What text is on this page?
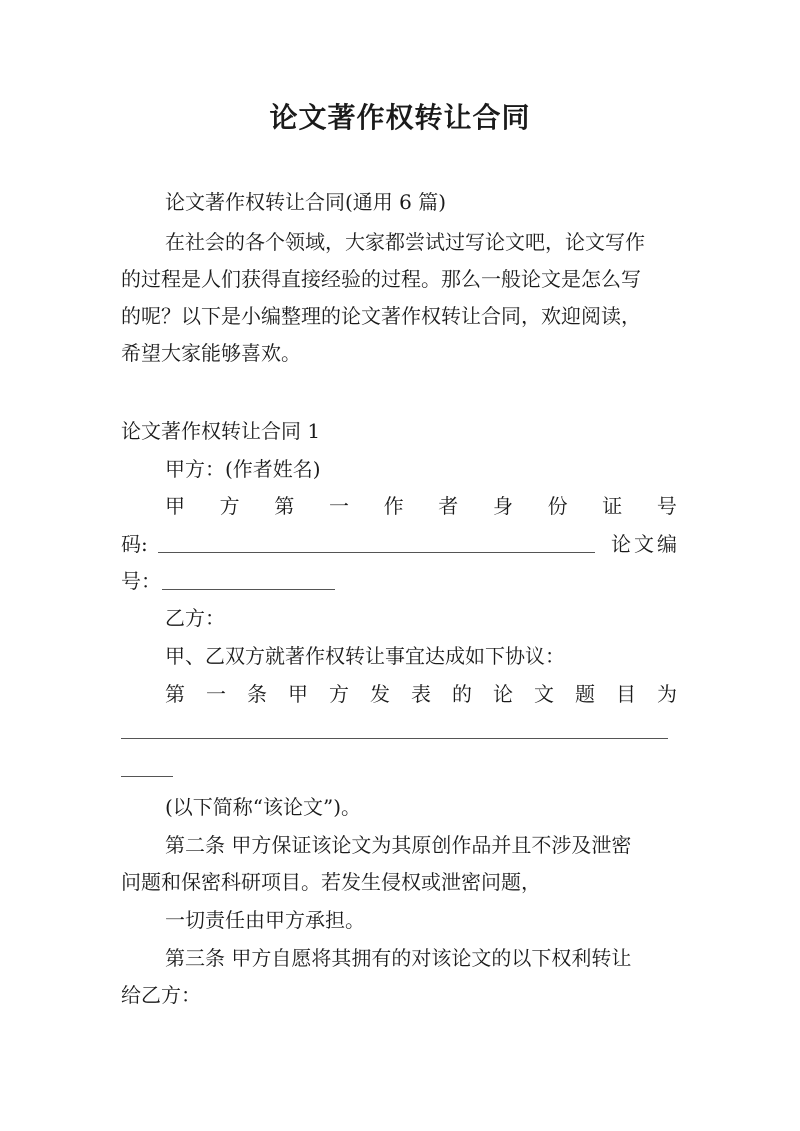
论文著作权转让合同
论文著作权转让合同(通用 6 篇)
在社会的各个领域，大家都尝试过写论文吧，论文写作
的过程是人们获得直接经验的过程。那么一般论文是怎么写
的呢？以下是小编整理的论文著作权转让合同，欢迎阅读，
希望大家能够喜欢。
论文著作权转让合同 1
甲方：(作者姓名)
甲 方 第 一 作 者 身 份 证 号
码:	论 文 编
号：
乙方：
甲、乙双方就著作权转让事宜达成如下协议：
第 一 条 甲 方 发 表 的 论 文 题 目 为
(以下简称“该论文”)。
第二条 甲方保证该论文为其原创作品并且不涉及泄密
问题和保密科研项目。若发生侵权或泄密问题，
一切责任由甲方承担。
第三条 甲方自愿将其拥有的对该论文的以下权利转让
给乙方：
